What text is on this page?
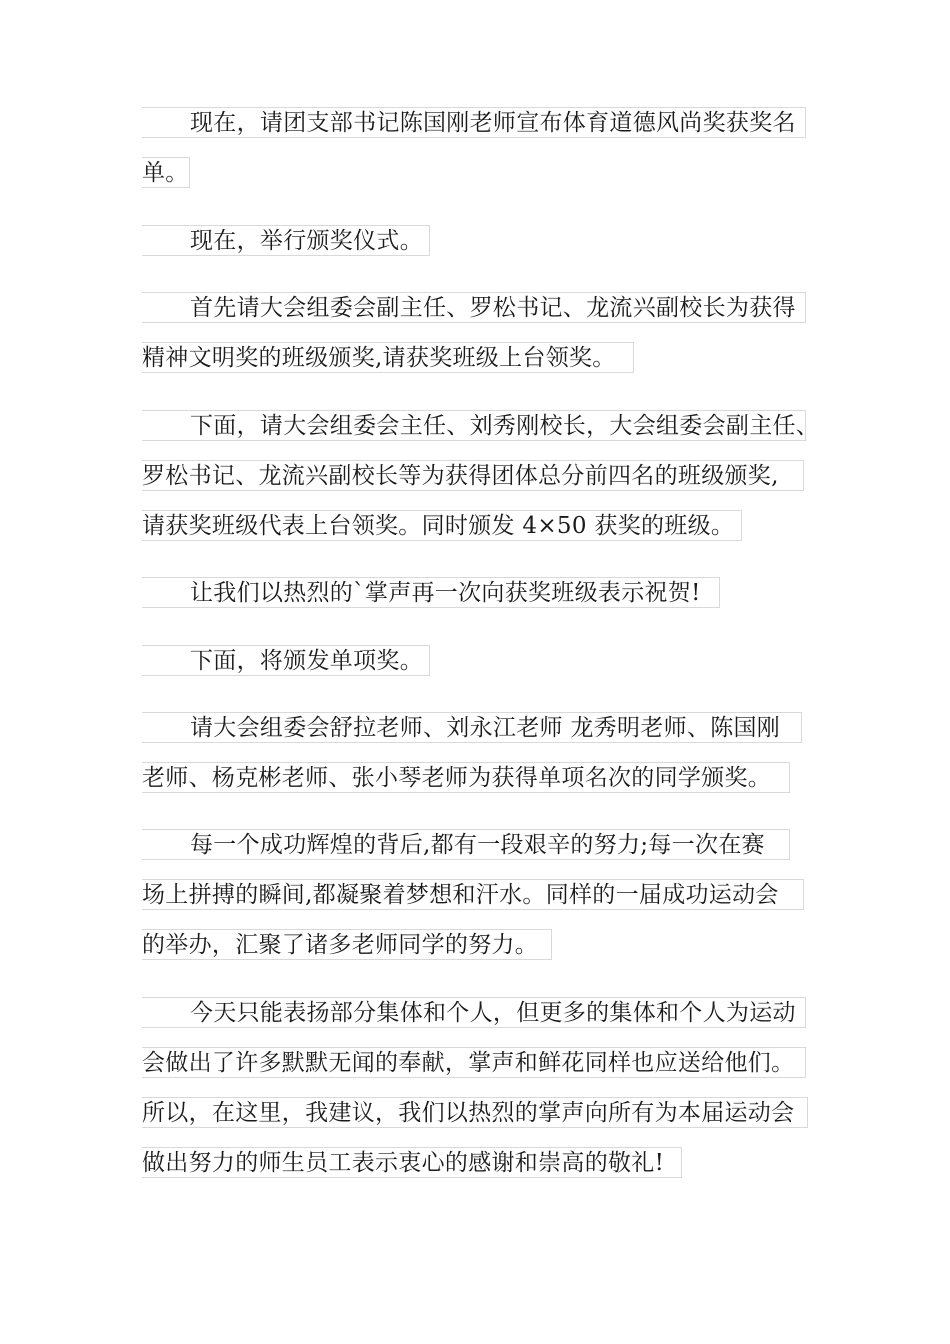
现在，请团支部书记陈国刚老师宣布体育道德风尚奖获奖名
单。
现在，举行颁奖仪式。
首先请大会组委会副主任、罗松书记、龙流兴副校长为获得
精神文明奖的班级颁奖,请获奖班级上台领奖。
下面，请大会组委会主任、刘秀刚校长，大会组委会副主任、
罗松书记、龙流兴副校长等为获得团体总分前四名的班级颁奖,
请获奖班级代表上台领奖。同时颁发 4×50 获奖的班级。
让我们以热烈的`掌声再一次向获奖班级表示祝贺!
下面，将颁发单项奖。
请大会组委会舒拉老师、刘永江老师 龙秀明老师、陈国刚
老师、杨克彬老师、张小琴老师为获得单项名次的同学颁奖。
每一个成功辉煌的背后,都有一段艰辛的努力;每一次在赛
场上拼搏的瞬间,都凝聚着梦想和汗水。同样的一届成功运动会
的举办，汇聚了诸多老师同学的努力。
今天只能表扬部分集体和个人，但更多的集体和个人为运动
会做出了许多默默无闻的奉献，掌声和鲜花同样也应送给他们。
所以，在这里，我建议，我们以热烈的掌声向所有为本届运动会
做出努力的师生员工表示衷心的感谢和崇高的敬礼!
